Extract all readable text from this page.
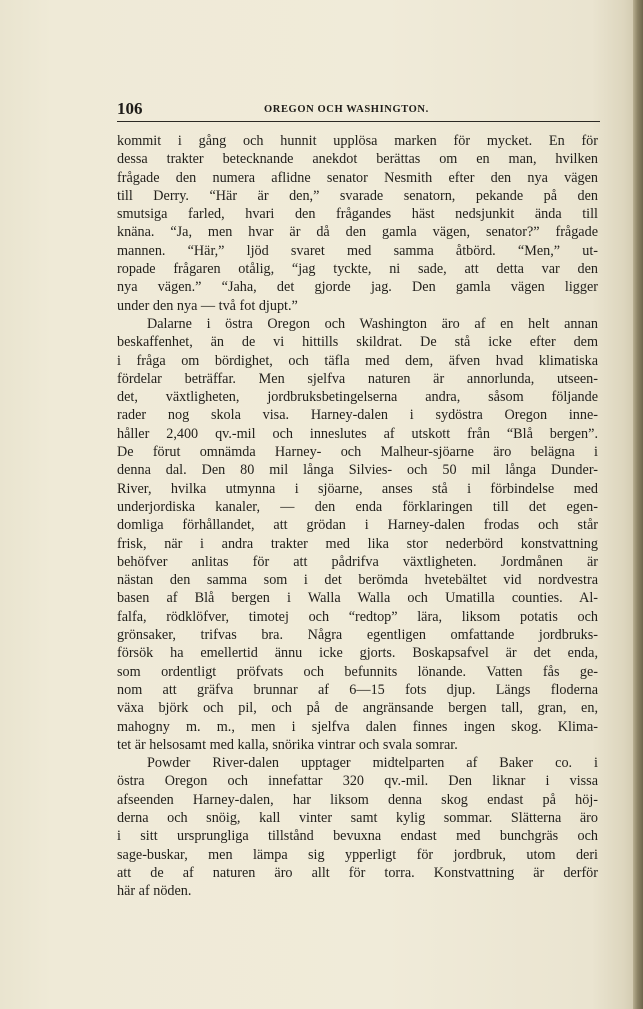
106	OREGON OCH WASHINGTON.
kommit i gång och hunnit upplösa marken för mycket. En för
dessa trakter betecknande anekdot berättas om en man, hvilken
frågade den numera aflidne senator Nesmith efter den nya vägen
till Derry. “Här är den,” svarade senatorn, pekande på den
smutsiga farled, hvari den frågandes häst nedsjunkit ända till
knäna. “Ja, men hvar är då den gamla vägen, senator?” frågade
mannen. “Här,” ljöd svaret med samma åtbörd. “Men,” ut-
ropade frågaren otålig, “jag tyckte, ni sade, att detta var den
nya vägen.” “Jaha, det gjorde jag. Den gamla vägen ligger
under den nya — två fot djupt.”
Dalarne i östra Oregon och Washington äro af en helt annan
beskaffenhet, än de vi hittills skildrat. De stå icke efter dem
i fråga om bördighet, och täfla med dem, äfven hvad klimatiska
fördelar beträffar. Men sjelfva naturen är annorlunda, utseen-
det, växtligheten, jordbruksbetingelserna andra, såsom följande
rader nog skola visa. Harney-dalen i sydöstra Oregon inne-
håller 2,400 qv.-mil och inneslutes af utskott från “Blå bergen”.
De förut omnämda Harney- och Malheur-sjöarne äro belägna i
denna dal. Den 80 mil långa Silvies- och 50 mil långa Dunder-
River, hvilka utmynna i sjöarne, anses stå i förbindelse med
underjordiska kanaler, — den enda förklaringen till det egen-
domliga förhållandet, att grödan i Harney-dalen frodas och står
frisk, när i andra trakter med lika stor nederbörd konstvattning
behöfver anlitas för att pådrifva växtligheten. Jordmånen är
nästan den samma som i det berömda hvetebältet vid nordvestra
basen af Blå bergen i Walla Walla och Umatilla counties. Al-
falfa, rödklöfver, timotej och “redtop” lära, liksom potatis och
grönsaker, trifvas bra. Några egentligen omfattande jordbruks-
försök ha emellertid ännu icke gjorts. Boskapsafvel är det enda,
som ordentligt pröfvats och befunnits lönande. Vatten fås ge-
nom att gräfva brunnar af 6—15 fots djup. Längs floderna
växa björk och pil, och på de angränsande bergen tall, gran, en,
mahogny m. m., men i sjelfva dalen finnes ingen skog. Klima-
tet är helsosamt med kalla, snörika vintrar och svala somrar.
Powder River-dalen upptager midtelparten af Baker co. i
östra Oregon och innefattar 320 qv.-mil. Den liknar i vissa
afseenden Harney-dalen, har liksom denna skog endast på höj-
derna och snöig, kall vinter samt kylig sommar. Slätterna äro
i sitt ursprungliga tillstånd bevuxna endast med bunchgräs och
sage-buskar, men lämpa sig ypperligt för jordbruk, utom deri
att de af naturen äro allt för torra. Konstvattning är derför
här af nöden.
